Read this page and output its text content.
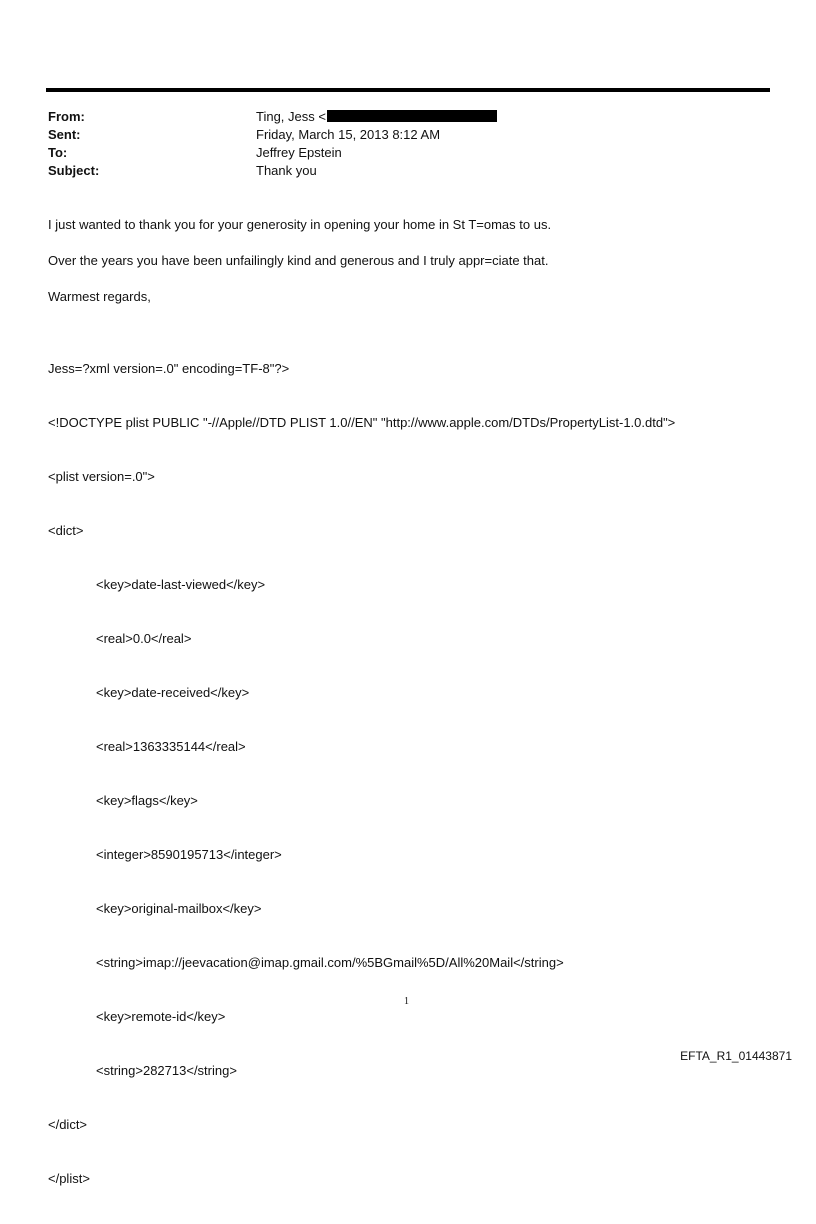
From:	Ting, Jess <
Sent:	Friday, March 15, 2013 8:12 AM
To:	Jeffrey Epstein
Subject:	Thank you

I just wanted to thank you for your generosity in opening your home in St T=omas to us.

Over the years you have been unfailingly kind and generous and I truly appr=ciate that.

Warmest regards,

Jess=?xml version=.0" encoding=TF-8"?>

<!DOCTYPE plist PUBLIC "-//Apple//DTD PLIST 1.0//EN" "http://www.apple.com/DTDs/PropertyList-1.0.dtd">

<plist version=.0">

<dict>

<key>date-last-viewed</key>

<real>0.0</real>

<key>date-received</key>

<real>1363335144</real>

<key>flags</key>

<integer>8590195713</integer>

<key>original-mailbox</key>

<string>imap://jeevacation@imap.gmail.com/%5BGmail%5D/All%20Mail</string>

<key>remote-id</key>

<string>282713</string>

</dict>

</plist>

1
EFTA_R1_01443871
